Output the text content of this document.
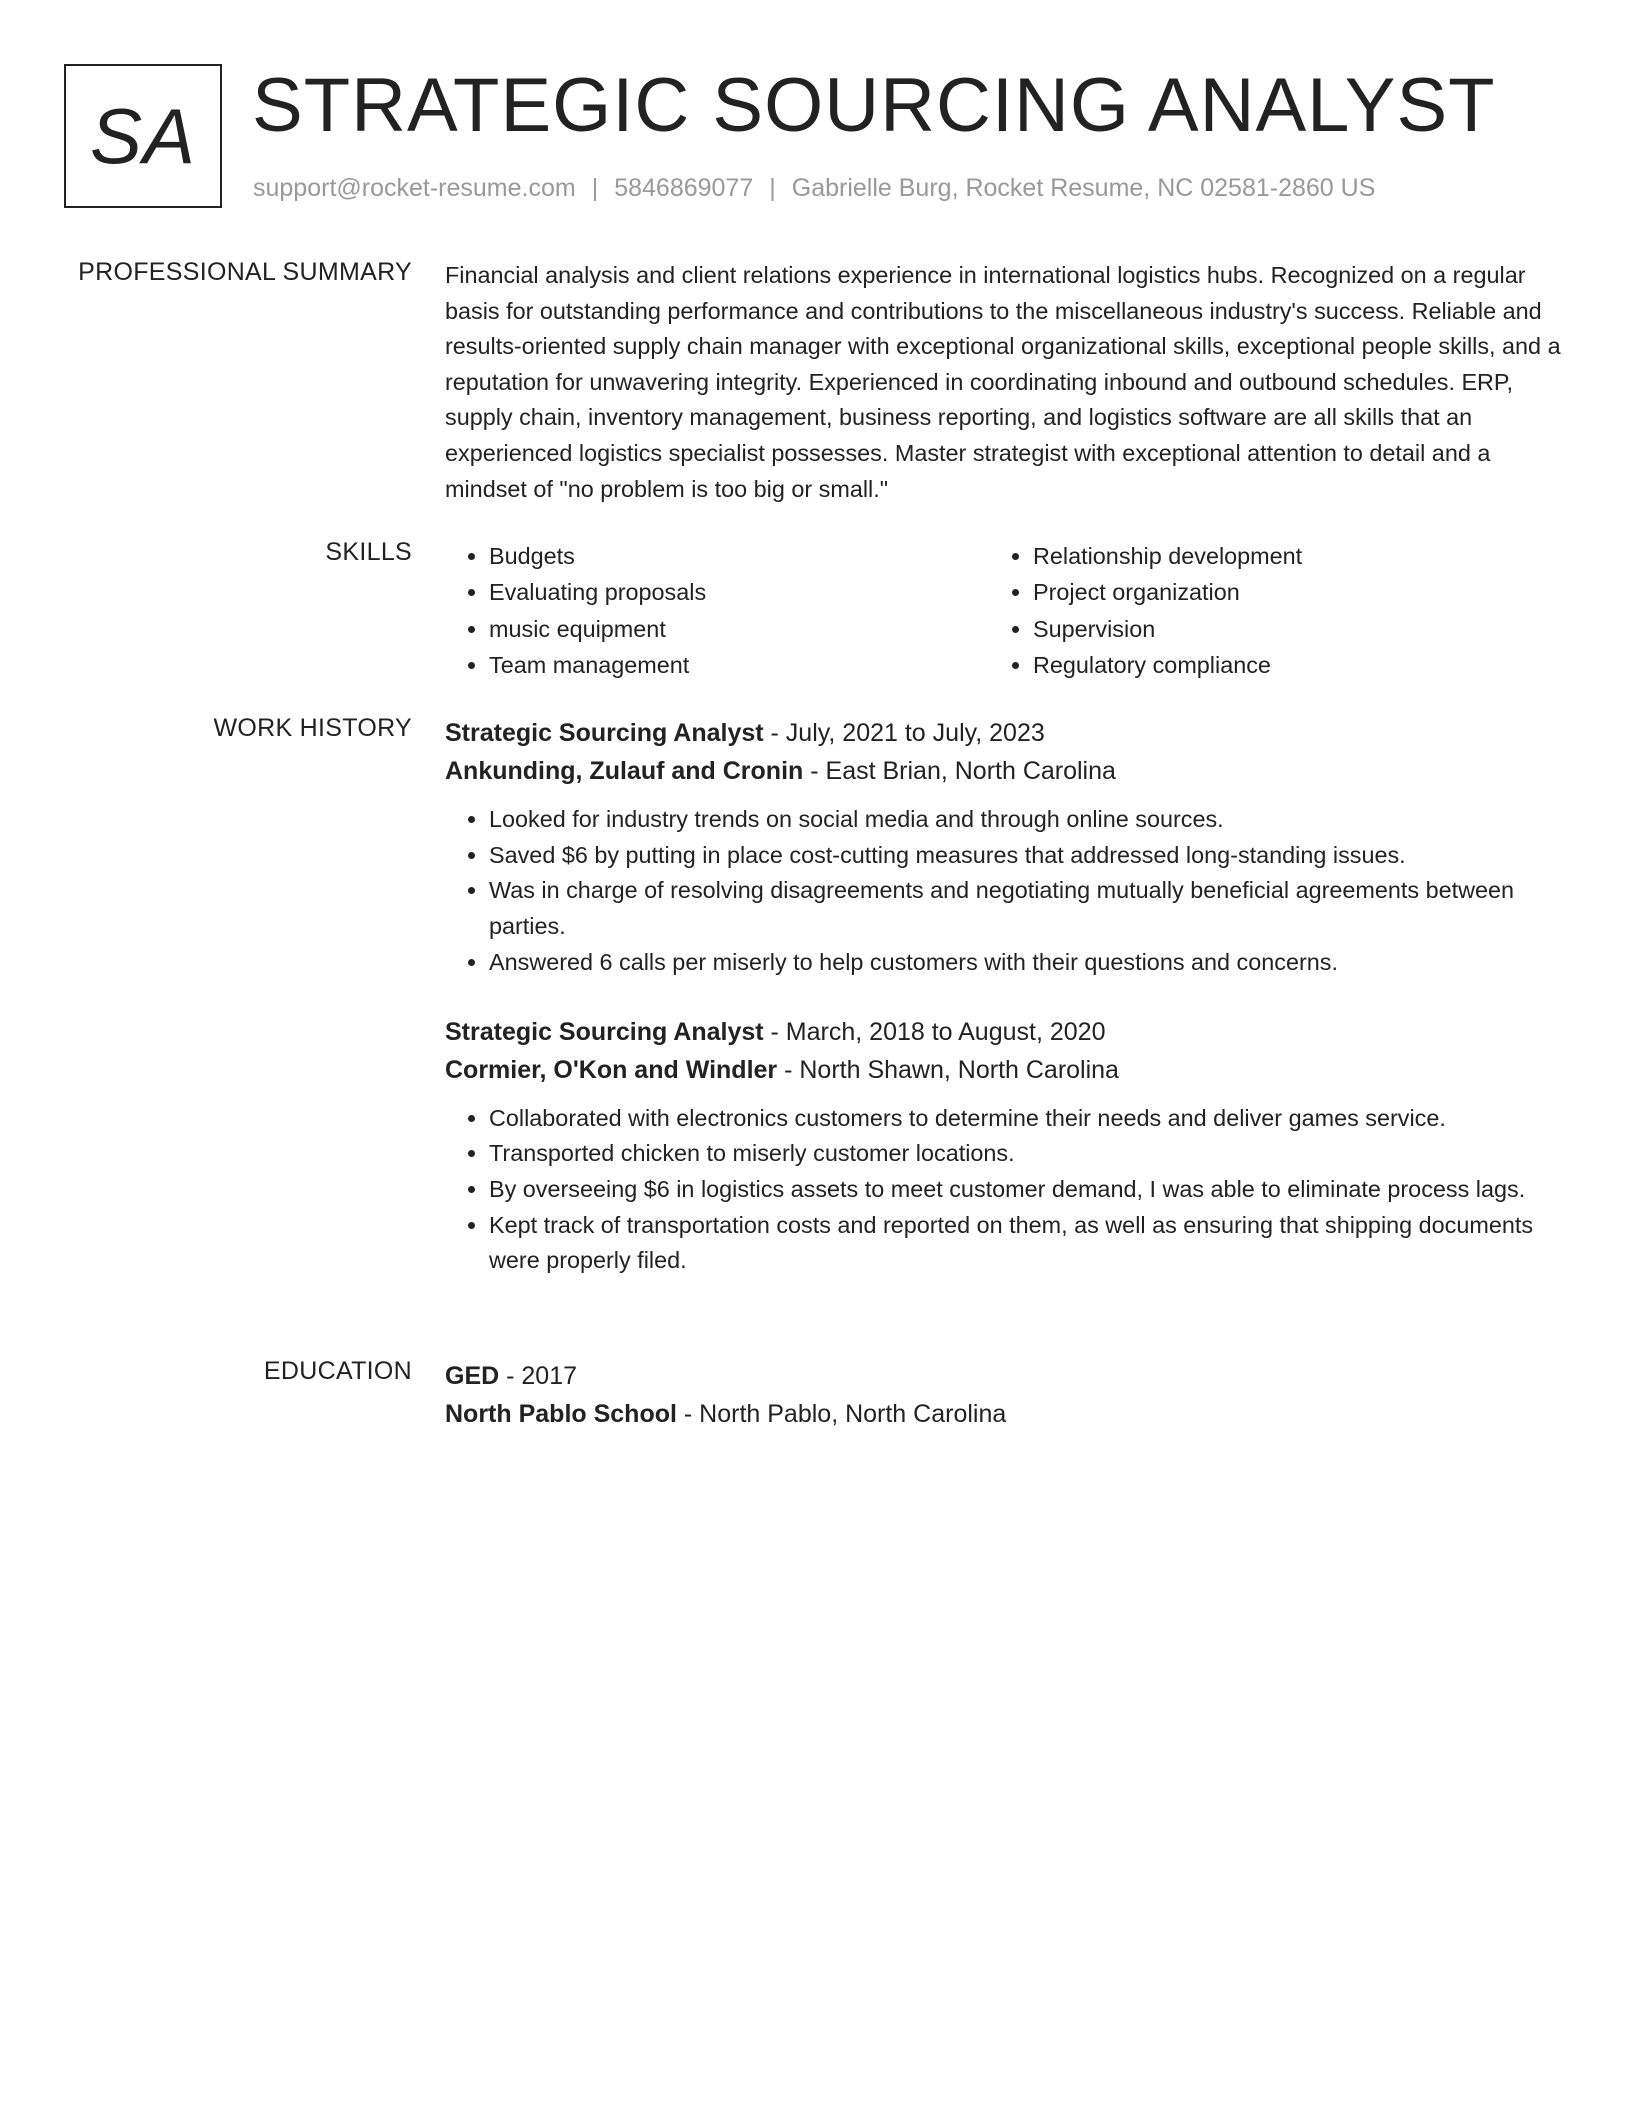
SA STRATEGIC SOURCING ANALYST
support@rocket-resume.com | 5846869077 | Gabrielle Burg, Rocket Resume, NC 02581-2860 US
PROFESSIONAL SUMMARY Financial analysis and client relations experience in international logistics hubs. Recognized on a regular basis for outstanding performance and contributions to the miscellaneous industry's success. Reliable and results-oriented supply chain manager with exceptional organizational skills, exceptional people skills, and a reputation for unwavering integrity. Experienced in coordinating inbound and outbound schedules. ERP, supply chain, inventory management, business reporting, and logistics software are all skills that an experienced logistics specialist possesses. Master strategist with exceptional attention to detail and a mindset of "no problem is too big or small."

SKILLS
•	Budgets
• Evaluating proposals
• music equipment
• Team management
• Relationship development
• Project organization
• Supervision
• Regulatory compliance
WORK HISTORY Strategic Sourcing Analyst - July, 2021 to July, 2023

Ankunding, Zulauf and Cronin - East Brian, North Carolina

• Looked for industry trends on social media and through online sources.
• Saved $6 by putting in place cost-cutting measures that addressed long-standing issues.
• Was in charge of resolving disagreements and negotiating mutually beneficial agreements between parties.
• Answered 6 calls per miserly to help customers with their questions and concerns.

Strategic Sourcing Analyst - March, 2018 to August, 2020

Cormier, O'Kon and Windler - North Shawn, North Carolina

• Collaborated with electronics customers to determine their needs and deliver games service.
• Transported chicken to miserly customer locations.
• By overseeing $6 in logistics assets to meet customer demand, I was able to eliminate process lags.
• Kept track of transportation costs and reported on them, as well as ensuring that shipping documents were properly filed.
EDUCATION GED - 2017

North Pablo School - North Pablo, North Carolina
